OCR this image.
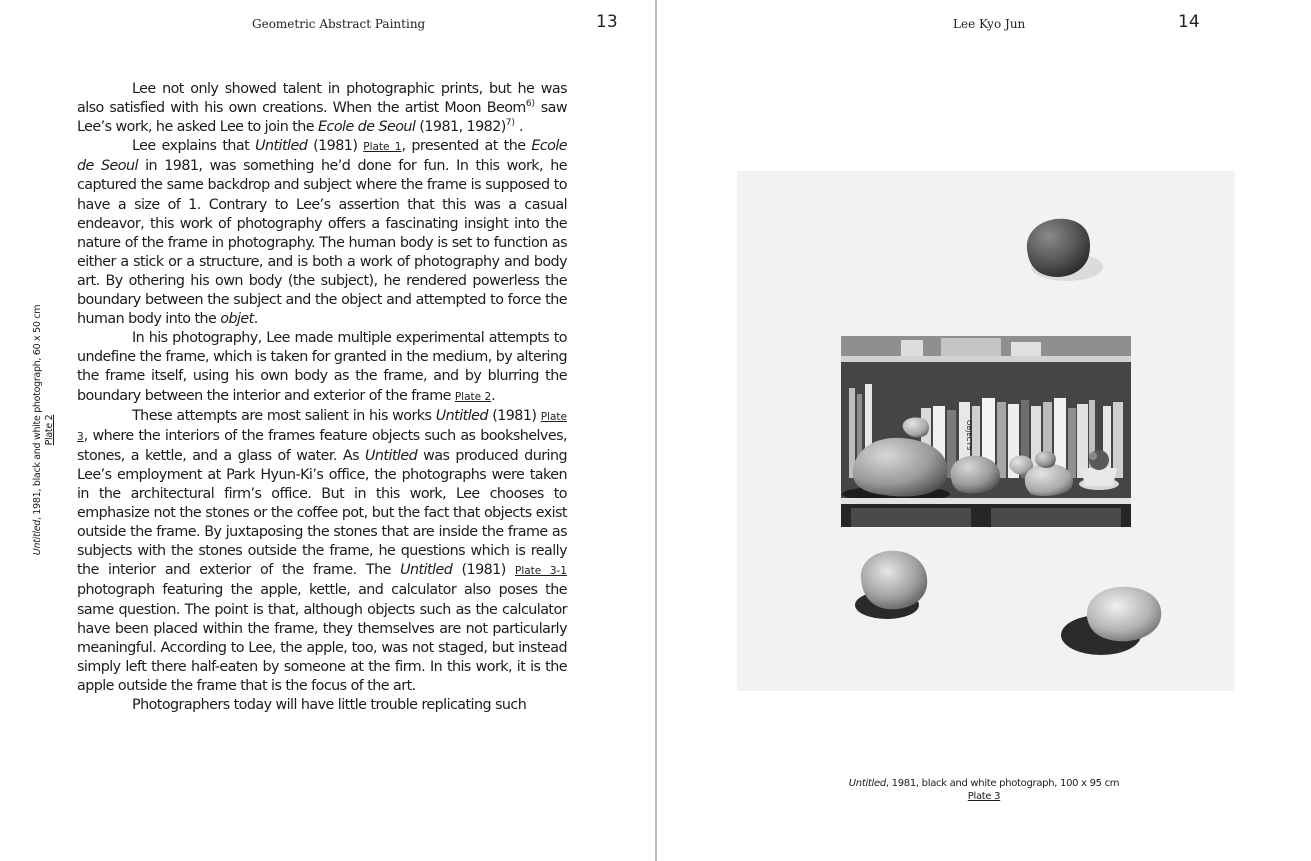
Geometric Abstract Painting	13
Untitled, 1981, black and white photograph, 60 x 50 cm Plate 2

Lee not only showed talent in photographic prints, but he was also satisfied with his own creations. When the artist Moon Beom$^{6)}$ saw Lee’s work, he asked Lee to join the Ecole de Seoul (1981, 1982)$^{7)}$ .

Lee explains that Untitled (1981) Plate 1, presented at the Ecole de Seoul in 1981, was something he’d done for fun. In this work, he captured the same backdrop and subject where the frame is supposed to have a size of 1. Contrary to Lee’s assertion that this was a casual endeavor, this work of photography offers a fascinating insight into the nature of the frame in photography. The human body is set to function as either a stick or a structure, and is both a work of photography and body art. By othering his own body (the subject), he rendered powerless the boundary between the subject and the object and attempted to force the human body into the objet.

In his photography, Lee made multiple experimental attempts to undefine the frame, which is taken for granted in the medium, by altering the frame itself, using his own body as the frame, and by blurring the boundary between the interior and exterior of the frame Plate 2.

These attempts are most salient in his works Untitled (1981) Plate 3, where the interiors of the frames feature objects such as bookshelves, stones, a kettle, and a glass of water. As Untitled was produced during Lee’s employment at Park Hyun-Ki’s office, the photographs were taken in the architectural firm’s office. But in this work, Lee chooses to emphasize not the stones or the coffee pot, but the fact that objects exist outside the frame. By juxtaposing the stones that are inside the frame as subjects with the stones outside the frame, he questions which is really the interior and exterior of the frame. The Untitled (1981) Plate 3-1 photograph featuring the apple, kettle, and calculator also poses the same question. The point is that, although objects such as the calculator have been placed within the frame, they themselves are not particularly meaningful. According to Lee, the apple, too, was not staged, but instead simply left there half-eaten by someone at the firm. In this work, it is the apple outside the frame that is the focus of the art.

Photographers today will have little trouble replicating such

Lee Kyo Jun	14
OBJECTS
Untitled, 1981, black and white photograph, 100 x 95 cm
Plate 3
